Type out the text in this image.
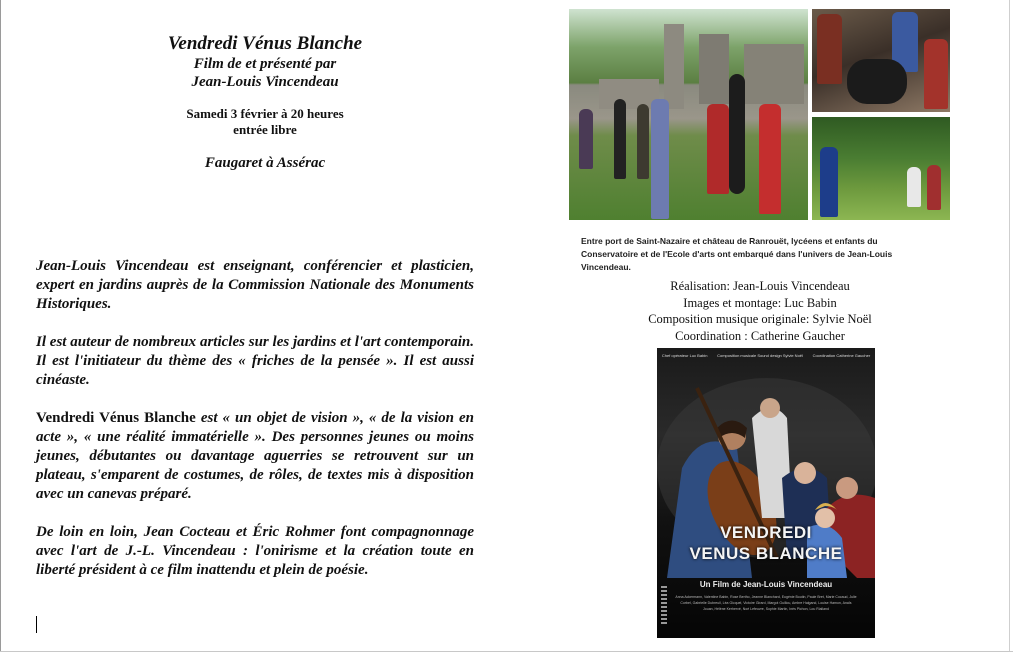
Vendredi Vénus Blanche
Film de et présenté par
Jean-Louis Vincendeau
Samedi 3 février à 20 heures
entrée libre
Faugaret à Assérac

Jean-Louis Vincendeau est enseignant, conférencier et plasticien, expert en jardins auprès de la Commission Nationale des Monuments Historiques.

Il est auteur de nombreux articles sur les jardins et l'art contemporain. Il est l'initiateur du thème des « friches de la pensée ». Il est aussi cinéaste.

Vendredi Vénus Blanche est « un objet de vision », « de la vision en acte », « une réalité immatérielle ». Des personnes jeunes ou moins jeunes, débutantes ou davantage aguerries se retrouvent sur un plateau, s'emparent de costumes, de rôles, de textes mis à disposition avec un canevas préparé.

De loin en loin, Jean Cocteau et Éric Rohmer font compagnonnage avec l'art de J.-L. Vincendeau : l'onirisme et la création toute en liberté président à ce film inattendu et plein de poésie.

Entre port de Saint-Nazaire et château de Ranrouët, lycéens et enfants du Conservatoire et de l'Ecole d'arts ont embarqué dans l'univers de Jean-Louis Vincendeau.
Réalisation: Jean-Louis Vincendeau
Images et montage: Luc Babin
Composition musique originale: Sylvie Noël
Coordination : Catherine Gaucher
Chef opérateur Luc Babin Composition musicale Sound design Sylvie Noël Coordination Catherine Gaucher
VENDREDI
VENUS BLANCHE
Un Film de Jean-Louis Vincendeau
Anna Ackermann, Valentine Babin, Rose Bertho, Jeanne Blanchard, Eugénie Boutin, Paule Bret, Marie Cocaud, Julie Corbel, Gabrielle Dubreuil, Léa Gicquel, Victoire Girard, Margot Guillou, Ambre Halgand, Louise Hamon, Anaïs Jouan, Hélène Kerhervé, Noé Lefeuvre, Sophie Martin, Inès Pichon, Lou Rialland
